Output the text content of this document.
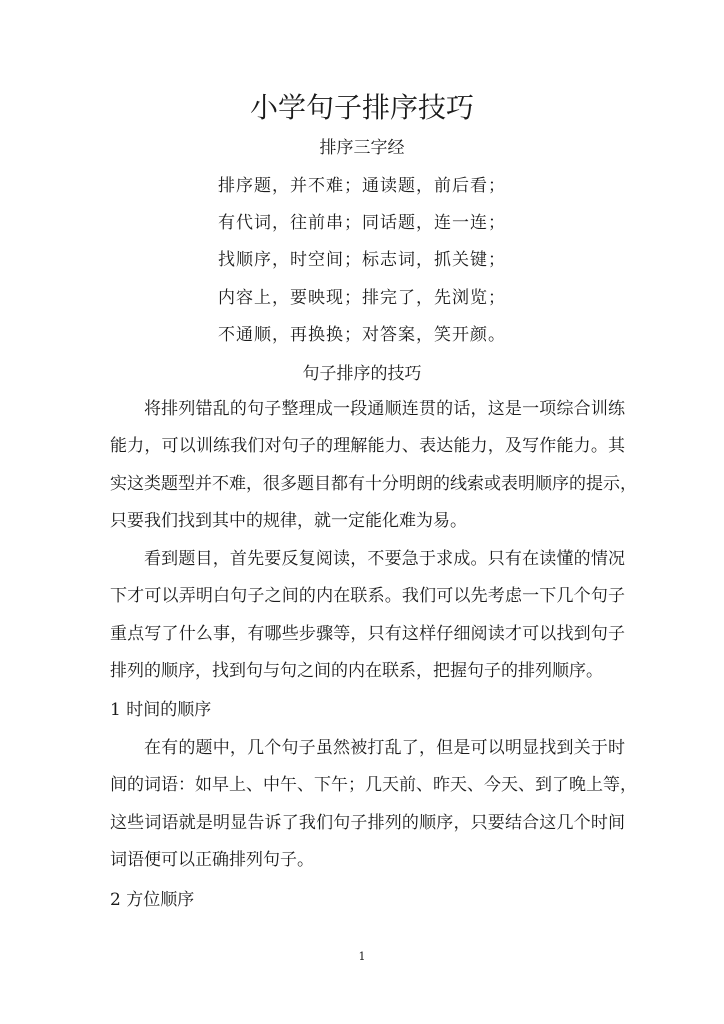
小学句子排序技巧
排序三字经
排序题，并不难；通读题，前后看；
有代词，往前串；同话题，连一连；
找顺序，时空间；标志词，抓关键；
内容上，要映现；排完了，先浏览；
不通顺，再换换；对答案，笑开颜。
句子排序的技巧
将排列错乱的句子整理成一段通顺连贯的话，这是一项综合训练
能力，可以训练我们对句子的理解能力、表达能力，及写作能力。其
实这类题型并不难，很多题目都有十分明朗的线索或表明顺序的提示，
只要我们找到其中的规律，就一定能化难为易。
看到题目，首先要反复阅读，不要急于求成。只有在读懂的情况
下才可以弄明白句子之间的内在联系。我们可以先考虑一下几个句子
重点写了什么事，有哪些步骤等，只有这样仔细阅读才可以找到句子
排列的顺序，找到句与句之间的内在联系，把握句子的排列顺序。
1 时间的顺序
在有的题中，几个句子虽然被打乱了，但是可以明显找到关于时
间的词语：如早上、中午、下午；几天前、昨天、今天、到了晚上等，
这些词语就是明显告诉了我们句子排列的顺序，只要结合这几个时间
词语便可以正确排列句子。
2 方位顺序
1
